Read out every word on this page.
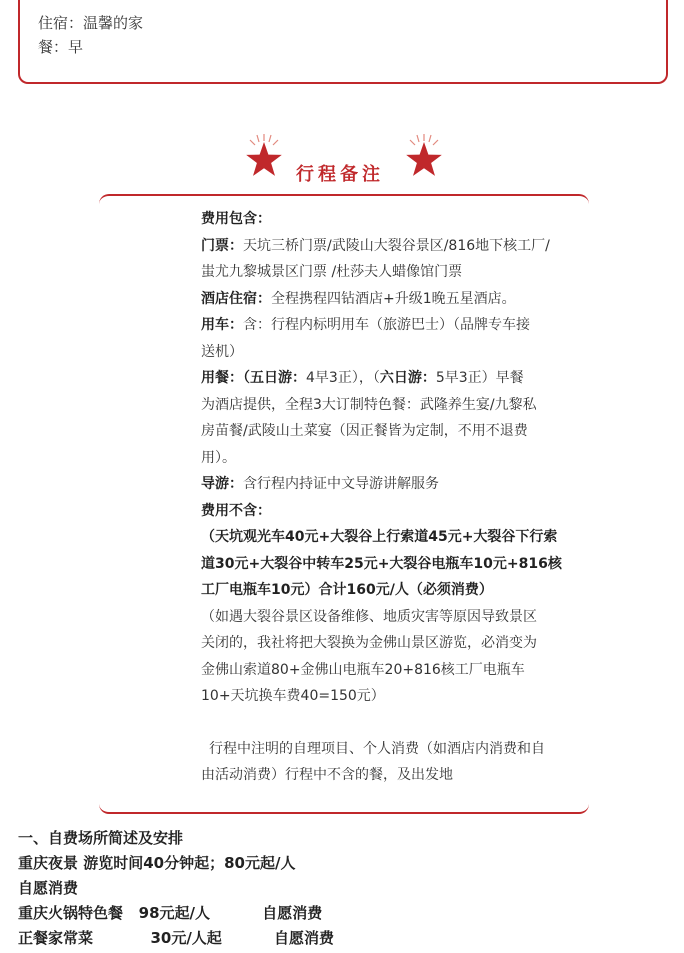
住宿：温馨的家
餐：早
行程备注

费用包含：

门票：天坑三桥门票/武陵山大裂谷景区/816地下核工厂/

蚩尤九黎城景区门票 /杜莎夫人蜡像馆门票

酒店住宿：全程携程四钻酒店+升级1晚五星酒店。

用车：含：行程内标明用车（旅游巴士）（品牌专车接

送机）

用餐：（五日游：4早3正），（六日游：5早3正）早餐

为酒店提供，全程3大订制特色餐：武隆养生宴/九黎私

房苗餐/武陵山土菜宴（因正餐皆为定制，不用不退费

用）。

导游：含行程内持证中文导游讲解服务

费用不含：

（天坑观光车40元+大裂谷上行索道45元+大裂谷下行索

道30元+大裂谷中转车25元+大裂谷电瓶车10元+816核

工厂电瓶车10元）合计160元/人（必须消费）

（如遇大裂谷景区设备维修、地质灾害等原因导致景区

关闭的，我社将把大裂换为金佛山景区游览，必消变为

金佛山索道80+金佛山电瓶车20+816核工厂电瓶车

10+天坑换车费40=150元）

行程中注明的自理项目、个人消费（如酒店内消费和自

由活动消费）行程中不含的餐，及出发地

一、自费场所简述及安排

重庆夜景 游览时间40分钟起；80元起/人

自愿消费

重庆火锅特色餐   98元起/人          自愿消费

正餐家常菜           30元/人起          自愿消费
